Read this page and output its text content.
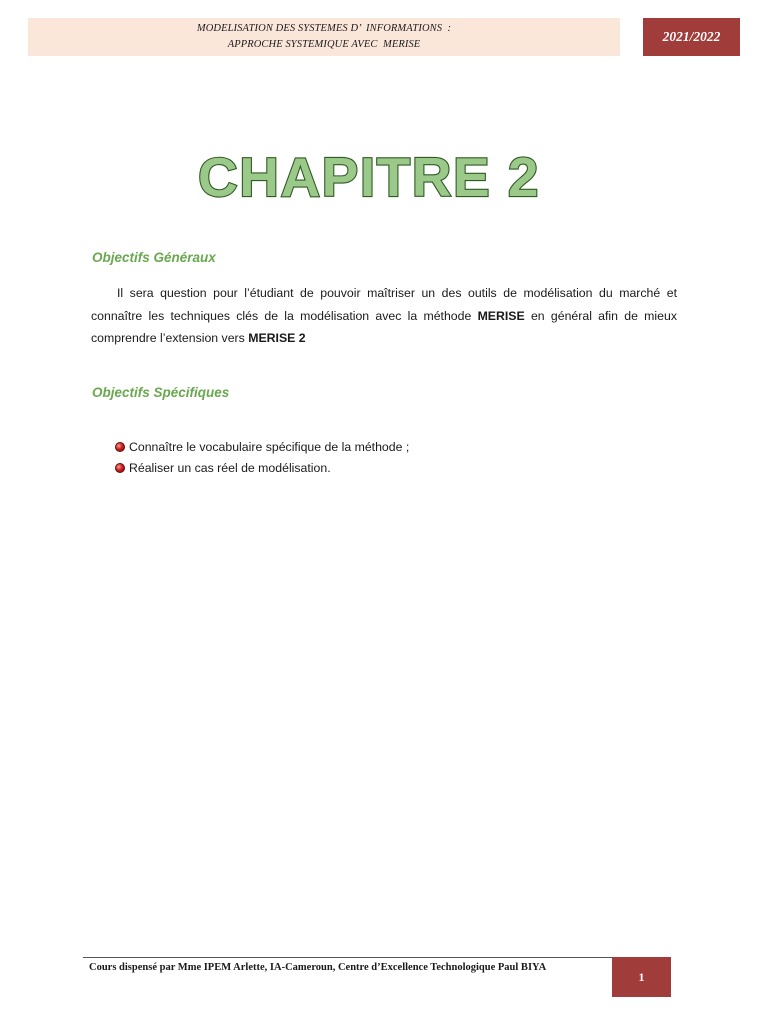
MODELISATION DES SYSTEMES D’  INFORMATIONS  :
APPROCHE SYSTEMIQUE AVEC  MERISE
2021/2022
CHAPITRE 2
Objectifs Généraux
Il sera question pour l’étudiant de pouvoir maîtriser un des outils de modélisation du marché et connaître les techniques clés de la modélisation avec la méthode MERISE en général afin de mieux comprendre l’extension vers MERISE 2
Objectifs Spécifiques
Connaître le vocabulaire spécifique de la méthode ;
Réaliser un cas réel de modélisation.
Cours dispensé par Mme IPEM Arlette, IA-Cameroun, Centre d’Excellence Technologique Paul BIYA
1
